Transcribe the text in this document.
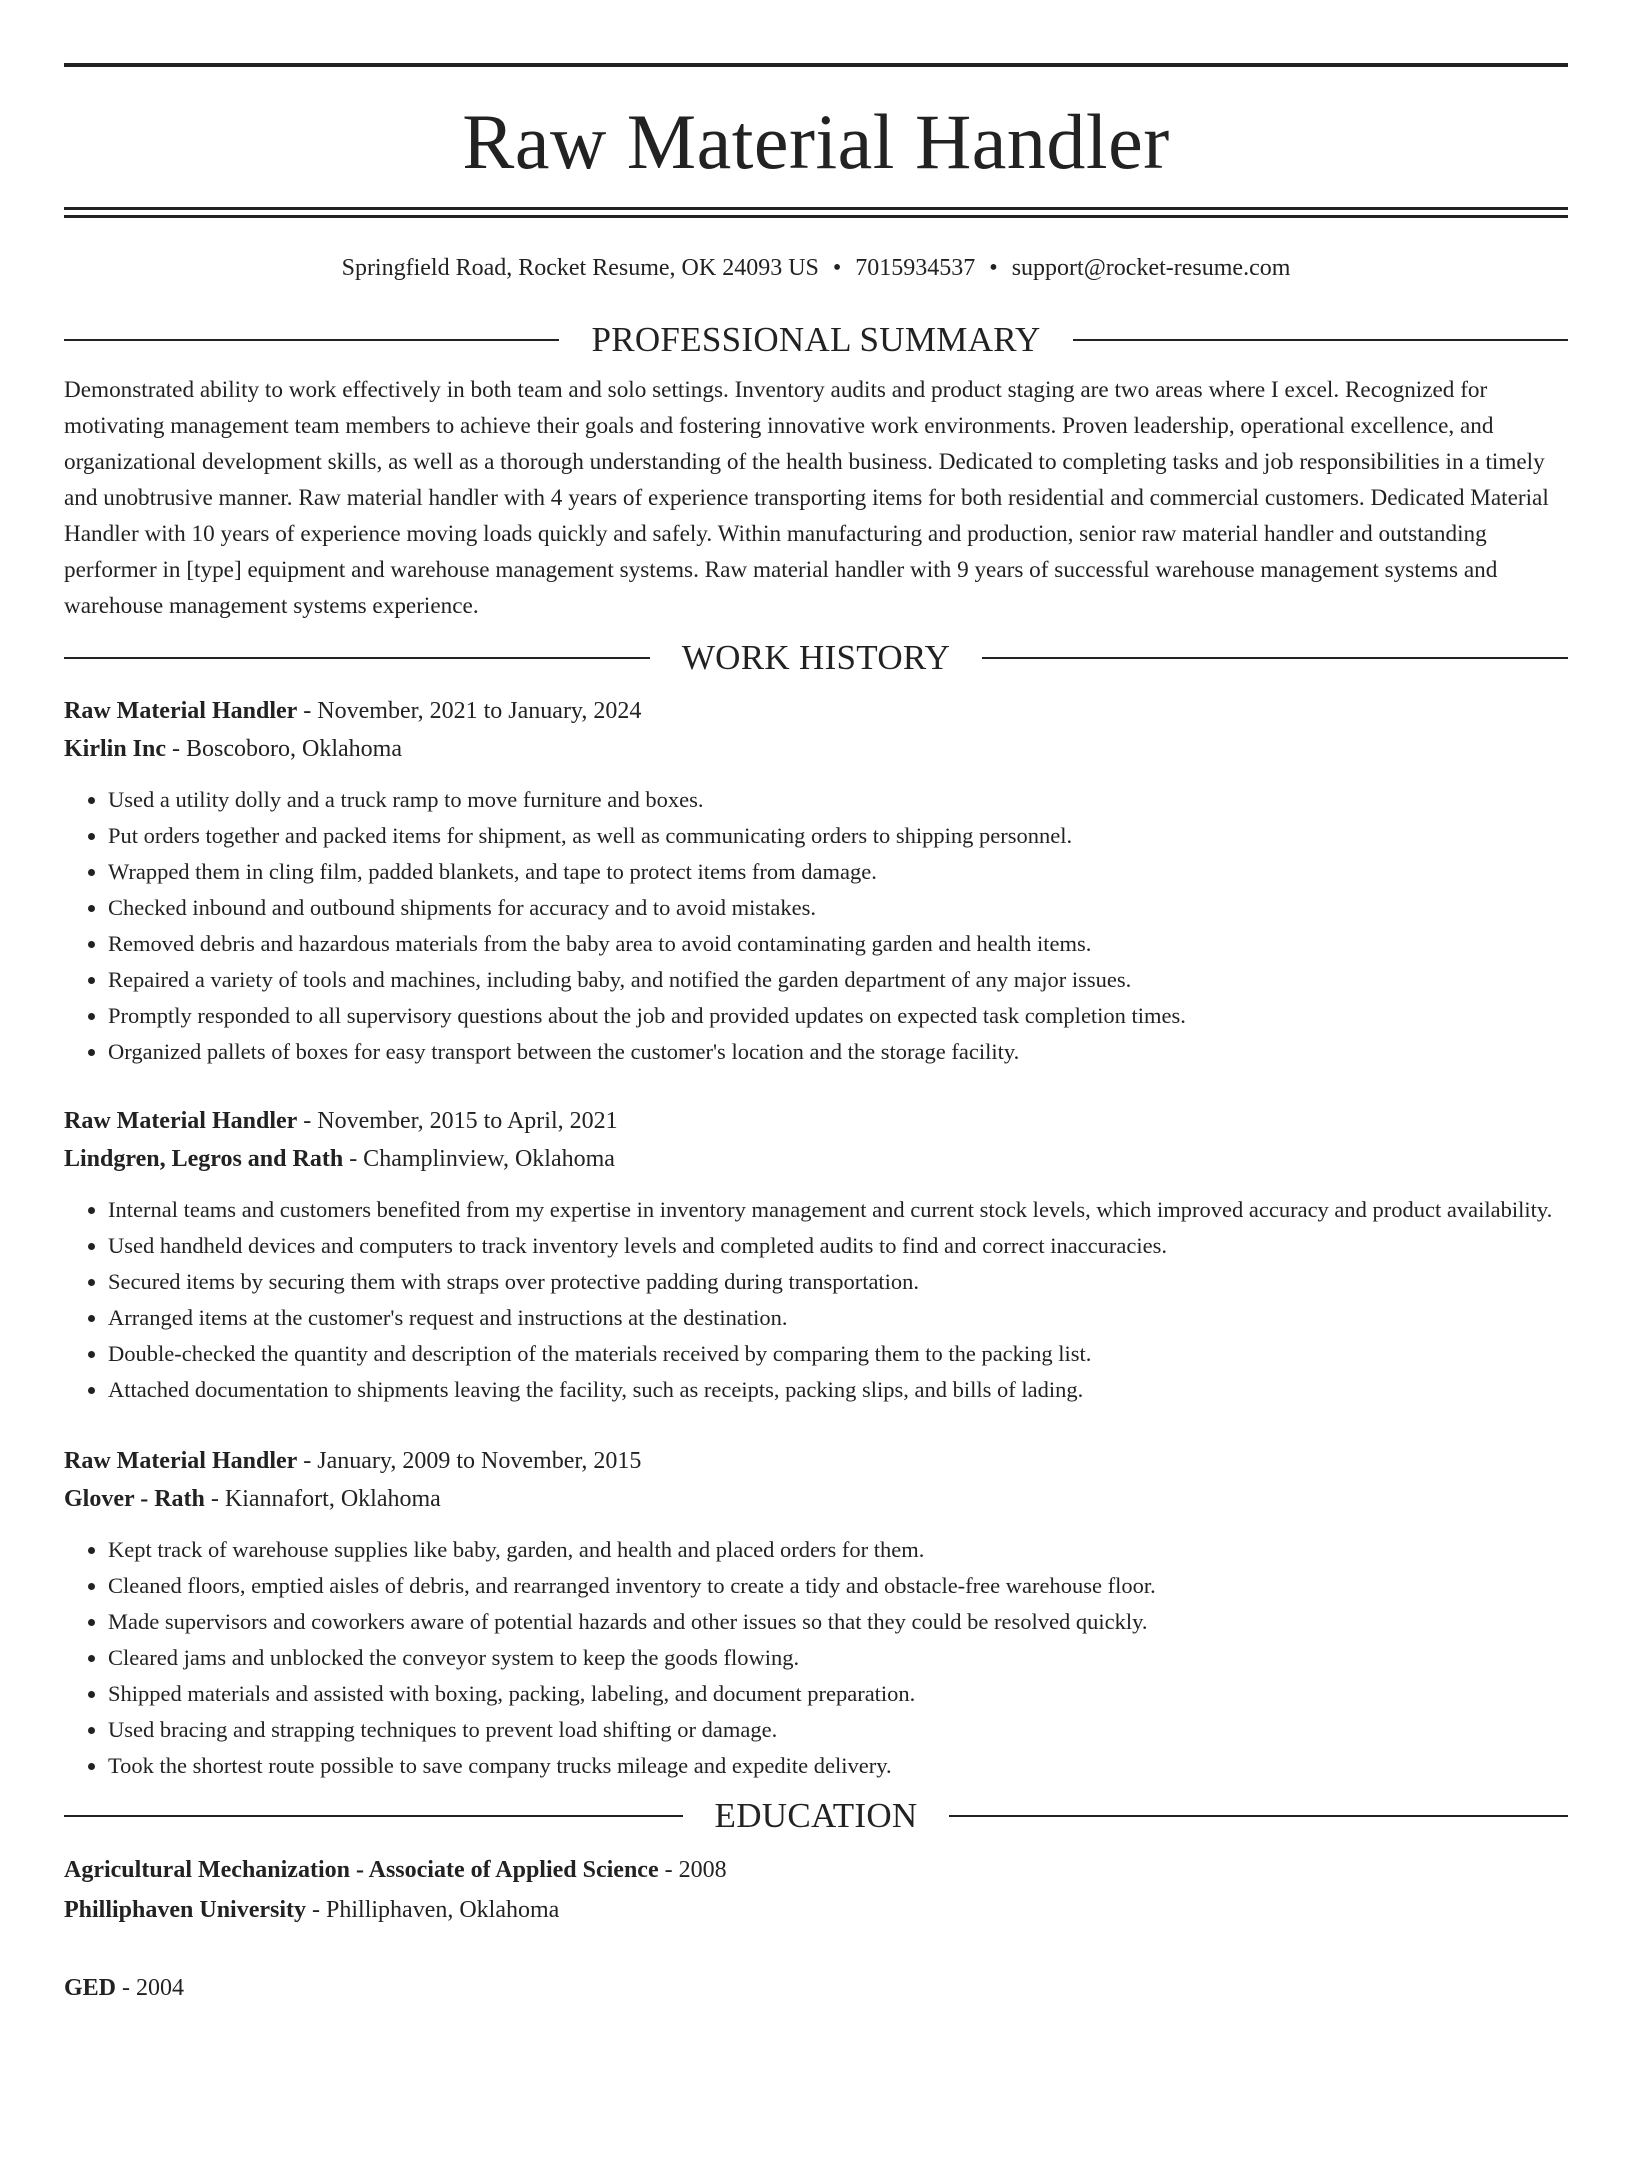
Raw Material Handler
Springfield Road, Rocket Resume, OK 24093 US • 7015934537 • support@rocket-resume.com
PROFESSIONAL SUMMARY

Demonstrated ability to work effectively in both team and solo settings. Inventory audits and product staging are two areas where I excel. Recognized for motivating management team members to achieve their goals and fostering innovative work environments. Proven leadership, operational excellence, and organizational development skills, as well as a thorough understanding of the health business. Dedicated to completing tasks and job responsibilities in a timely and unobtrusive manner. Raw material handler with 4 years of experience transporting items for both residential and commercial customers. Dedicated Material Handler with 10 years of experience moving loads quickly and safely. Within manufacturing and production, senior raw material handler and outstanding performer in [type] equipment and warehouse management systems. Raw material handler with 9 years of successful warehouse management systems and warehouse management systems experience.

WORK HISTORY
Raw Material Handler - November, 2021 to January, 2024
Kirlin Inc - Boscoboro, Oklahoma
• Used a utility dolly and a truck ramp to move furniture and boxes.
• Put orders together and packed items for shipment, as well as communicating orders to shipping personnel.
• Wrapped them in cling film, padded blankets, and tape to protect items from damage.
• Checked inbound and outbound shipments for accuracy and to avoid mistakes.
• Removed debris and hazardous materials from the baby area to avoid contaminating garden and health items.
• Repaired a variety of tools and machines, including baby, and notified the garden department of any major issues.
• Promptly responded to all supervisory questions about the job and provided updates on expected task completion times.
• Organized pallets of boxes for easy transport between the customer's location and the storage facility.
Raw Material Handler - November, 2015 to April, 2021
Lindgren, Legros and Rath - Champlinview, Oklahoma
• Internal teams and customers benefited from my expertise in inventory management and current stock levels, which improved accuracy and product availability.
• Used handheld devices and computers to track inventory levels and completed audits to find and correct inaccuracies.
• Secured items by securing them with straps over protective padding during transportation.
• Arranged items at the customer's request and instructions at the destination.
• Double-checked the quantity and description of the materials received by comparing them to the packing list.
• Attached documentation to shipments leaving the facility, such as receipts, packing slips, and bills of lading.
Raw Material Handler - January, 2009 to November, 2015
Glover - Rath - Kiannafort, Oklahoma
• Kept track of warehouse supplies like baby, garden, and health and placed orders for them.
• Cleaned floors, emptied aisles of debris, and rearranged inventory to create a tidy and obstacle-free warehouse floor.
• Made supervisors and coworkers aware of potential hazards and other issues so that they could be resolved quickly.
• Cleared jams and unblocked the conveyor system to keep the goods flowing.
• Shipped materials and assisted with boxing, packing, labeling, and document preparation.
• Used bracing and strapping techniques to prevent load shifting or damage.
• Took the shortest route possible to save company trucks mileage and expedite delivery.
EDUCATION
Agricultural Mechanization - Associate of Applied Science - 2008
Philliphaven University - Philliphaven, Oklahoma
GED - 2004
